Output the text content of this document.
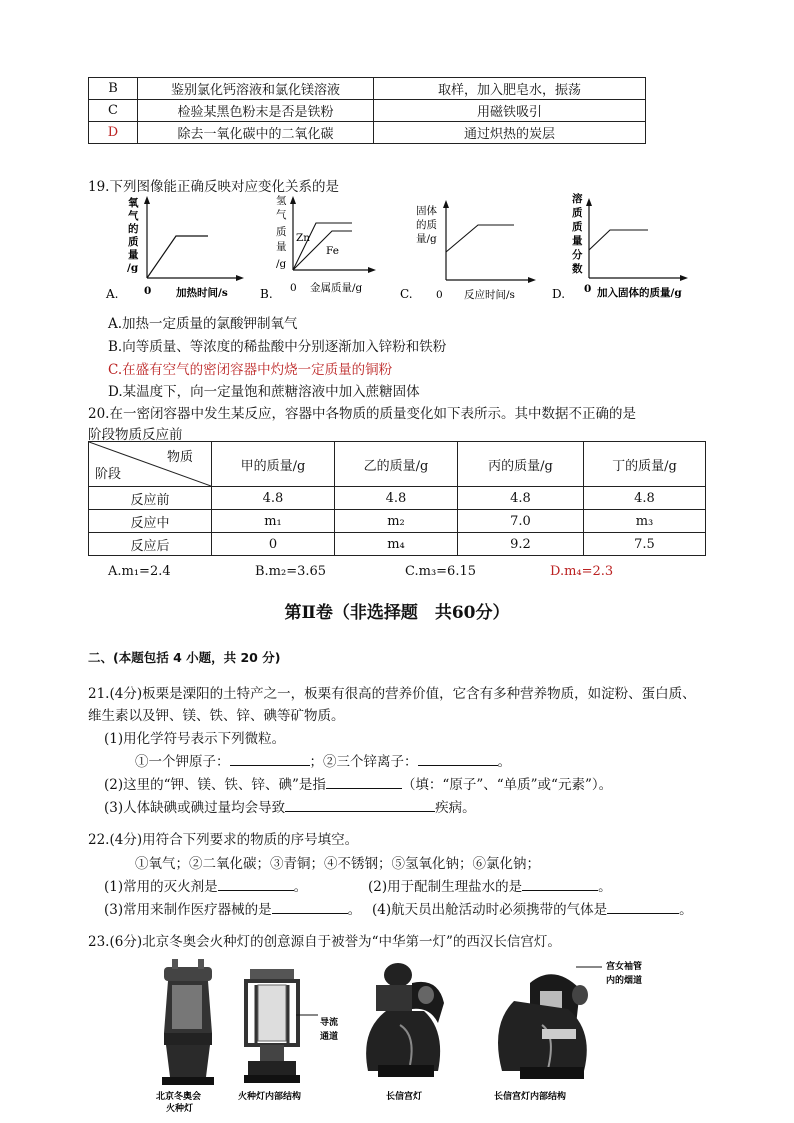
B	鉴别氯化钙溶液和氯化镁溶液	取样，加入肥皂水，振荡
C	检验某黑色粉末是否是铁粉	用磁铁吸引
D	除去一氧化碳中的二氧化碳	通过炽热的炭层
19.下列图像能正确反映对应变化关系的是
A.
氧
气
的
质
量
/g
0 加热时间/s	B.
氢
气
质
量
/g
Zn
Fe
0 金属质量/g	C.
固体
的质
量/g
0 反应时间/s	D.
溶
质
质
量
分
数
0 加入固体的质量/g
A.加热一定质量的氯酸钾制氧气
B.向等质量、等浓度的稀盐酸中分别逐渐加入锌粉和铁粉
C.在盛有空气的密闭容器中灼烧一定质量的铜粉
D.某温度下，向一定量饱和蔗糖溶液中加入蔗糖固体
20.在一密闭容器中发生某反应，容器中各物质的质量变化如下表所示。其中数据不正确的是
阶段物质反应前
物质
阶段	甲的质量/g	乙的质量/g	丙的质量/g	丁的质量/g
反应前	4.8	4.8	4.8	4.8
反应中	m₁	m₂	7.0	m₃
反应后	0	m₄	9.2	7.5
A.m₁=2.4	B.m₂=3.65	C.m₃=6.15	D.m₄=2.3
第Ⅱ卷（非选择题　共60分）
二、(本题包括 4 小题，共 20 分)
21.(4分)板栗是溧阳的土特产之一，板栗有很高的营养价值，它含有多种营养物质，如淀粉、蛋白质、
维生素以及钾、镁、铁、锌、碘等矿物质。
(1)用化学符号表示下列微粒。
①一个钾原子：	；②三个锌离子：	。
(2)这里的“钾、镁、铁、锌、碘”是指	（填：“原子”、“单质”或“元素”）。
(3)人体缺碘或碘过量均会导致	疾病。
22.(4分)用符合下列要求的物质的序号填空。
①氧气；②二氧化碳；③青铜；④不锈钢；⑤氢氧化钠；⑥氯化钠；
(1)常用的灭火剂是	。	(2)用于配制生理盐水的是	。
(3)常用来制作医疗器械的是	。 (4)航天员出舱活动时必须携带的气体是	。
23.(6分)北京冬奥会火种灯的创意源自于被誉为“中华第一灯”的西汉长信宫灯。
北京冬奥会
火种灯
导流
通道
火种灯内部结构	长信宫灯
宫女袖管
内的烟道
长信宫灯内部结构
